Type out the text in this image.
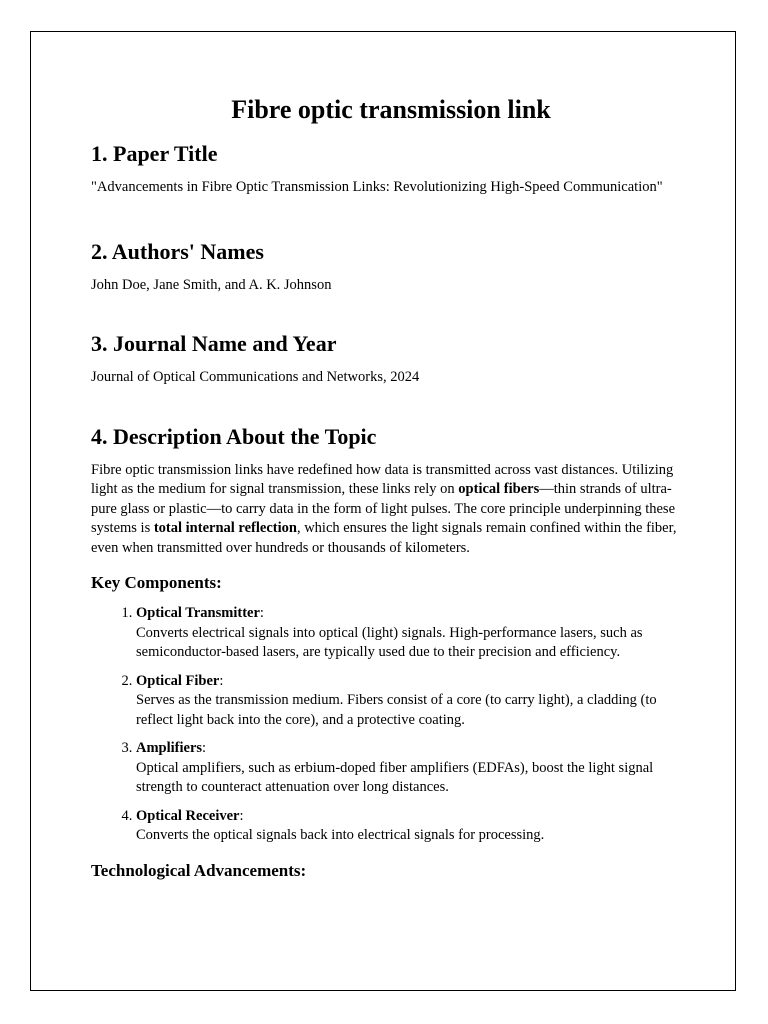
Fibre optic transmission link
1. Paper Title

"Advancements in Fibre Optic Transmission Links: Revolutionizing High-Speed Communication"

2. Authors' Names

John Doe, Jane Smith, and A. K. Johnson

3. Journal Name and Year

Journal of Optical Communications and Networks, 2024

4. Description About the Topic

Fibre optic transmission links have redefined how data is transmitted across vast distances. Utilizing light as the medium for signal transmission, these links rely on optical fibers—thin strands of ultra-pure glass or plastic—to carry data in the form of light pulses. The core principle underpinning these systems is total internal reflection, which ensures the light signals remain confined within the fiber, even when transmitted over hundreds or thousands of kilometers.

Key Components:
1. Optical Transmitter:
Converts electrical signals into optical (light) signals. High-performance lasers, such as semiconductor-based lasers, are typically used due to their precision and efficiency.
2. Optical Fiber:
Serves as the transmission medium. Fibers consist of a core (to carry light), a cladding (to reflect light back into the core), and a protective coating.
3. Amplifiers:
Optical amplifiers, such as erbium-doped fiber amplifiers (EDFAs), boost the light signal strength to counteract attenuation over long distances.
4. Optical Receiver:
Converts the optical signals back into electrical signals for processing.
Technological Advancements:
